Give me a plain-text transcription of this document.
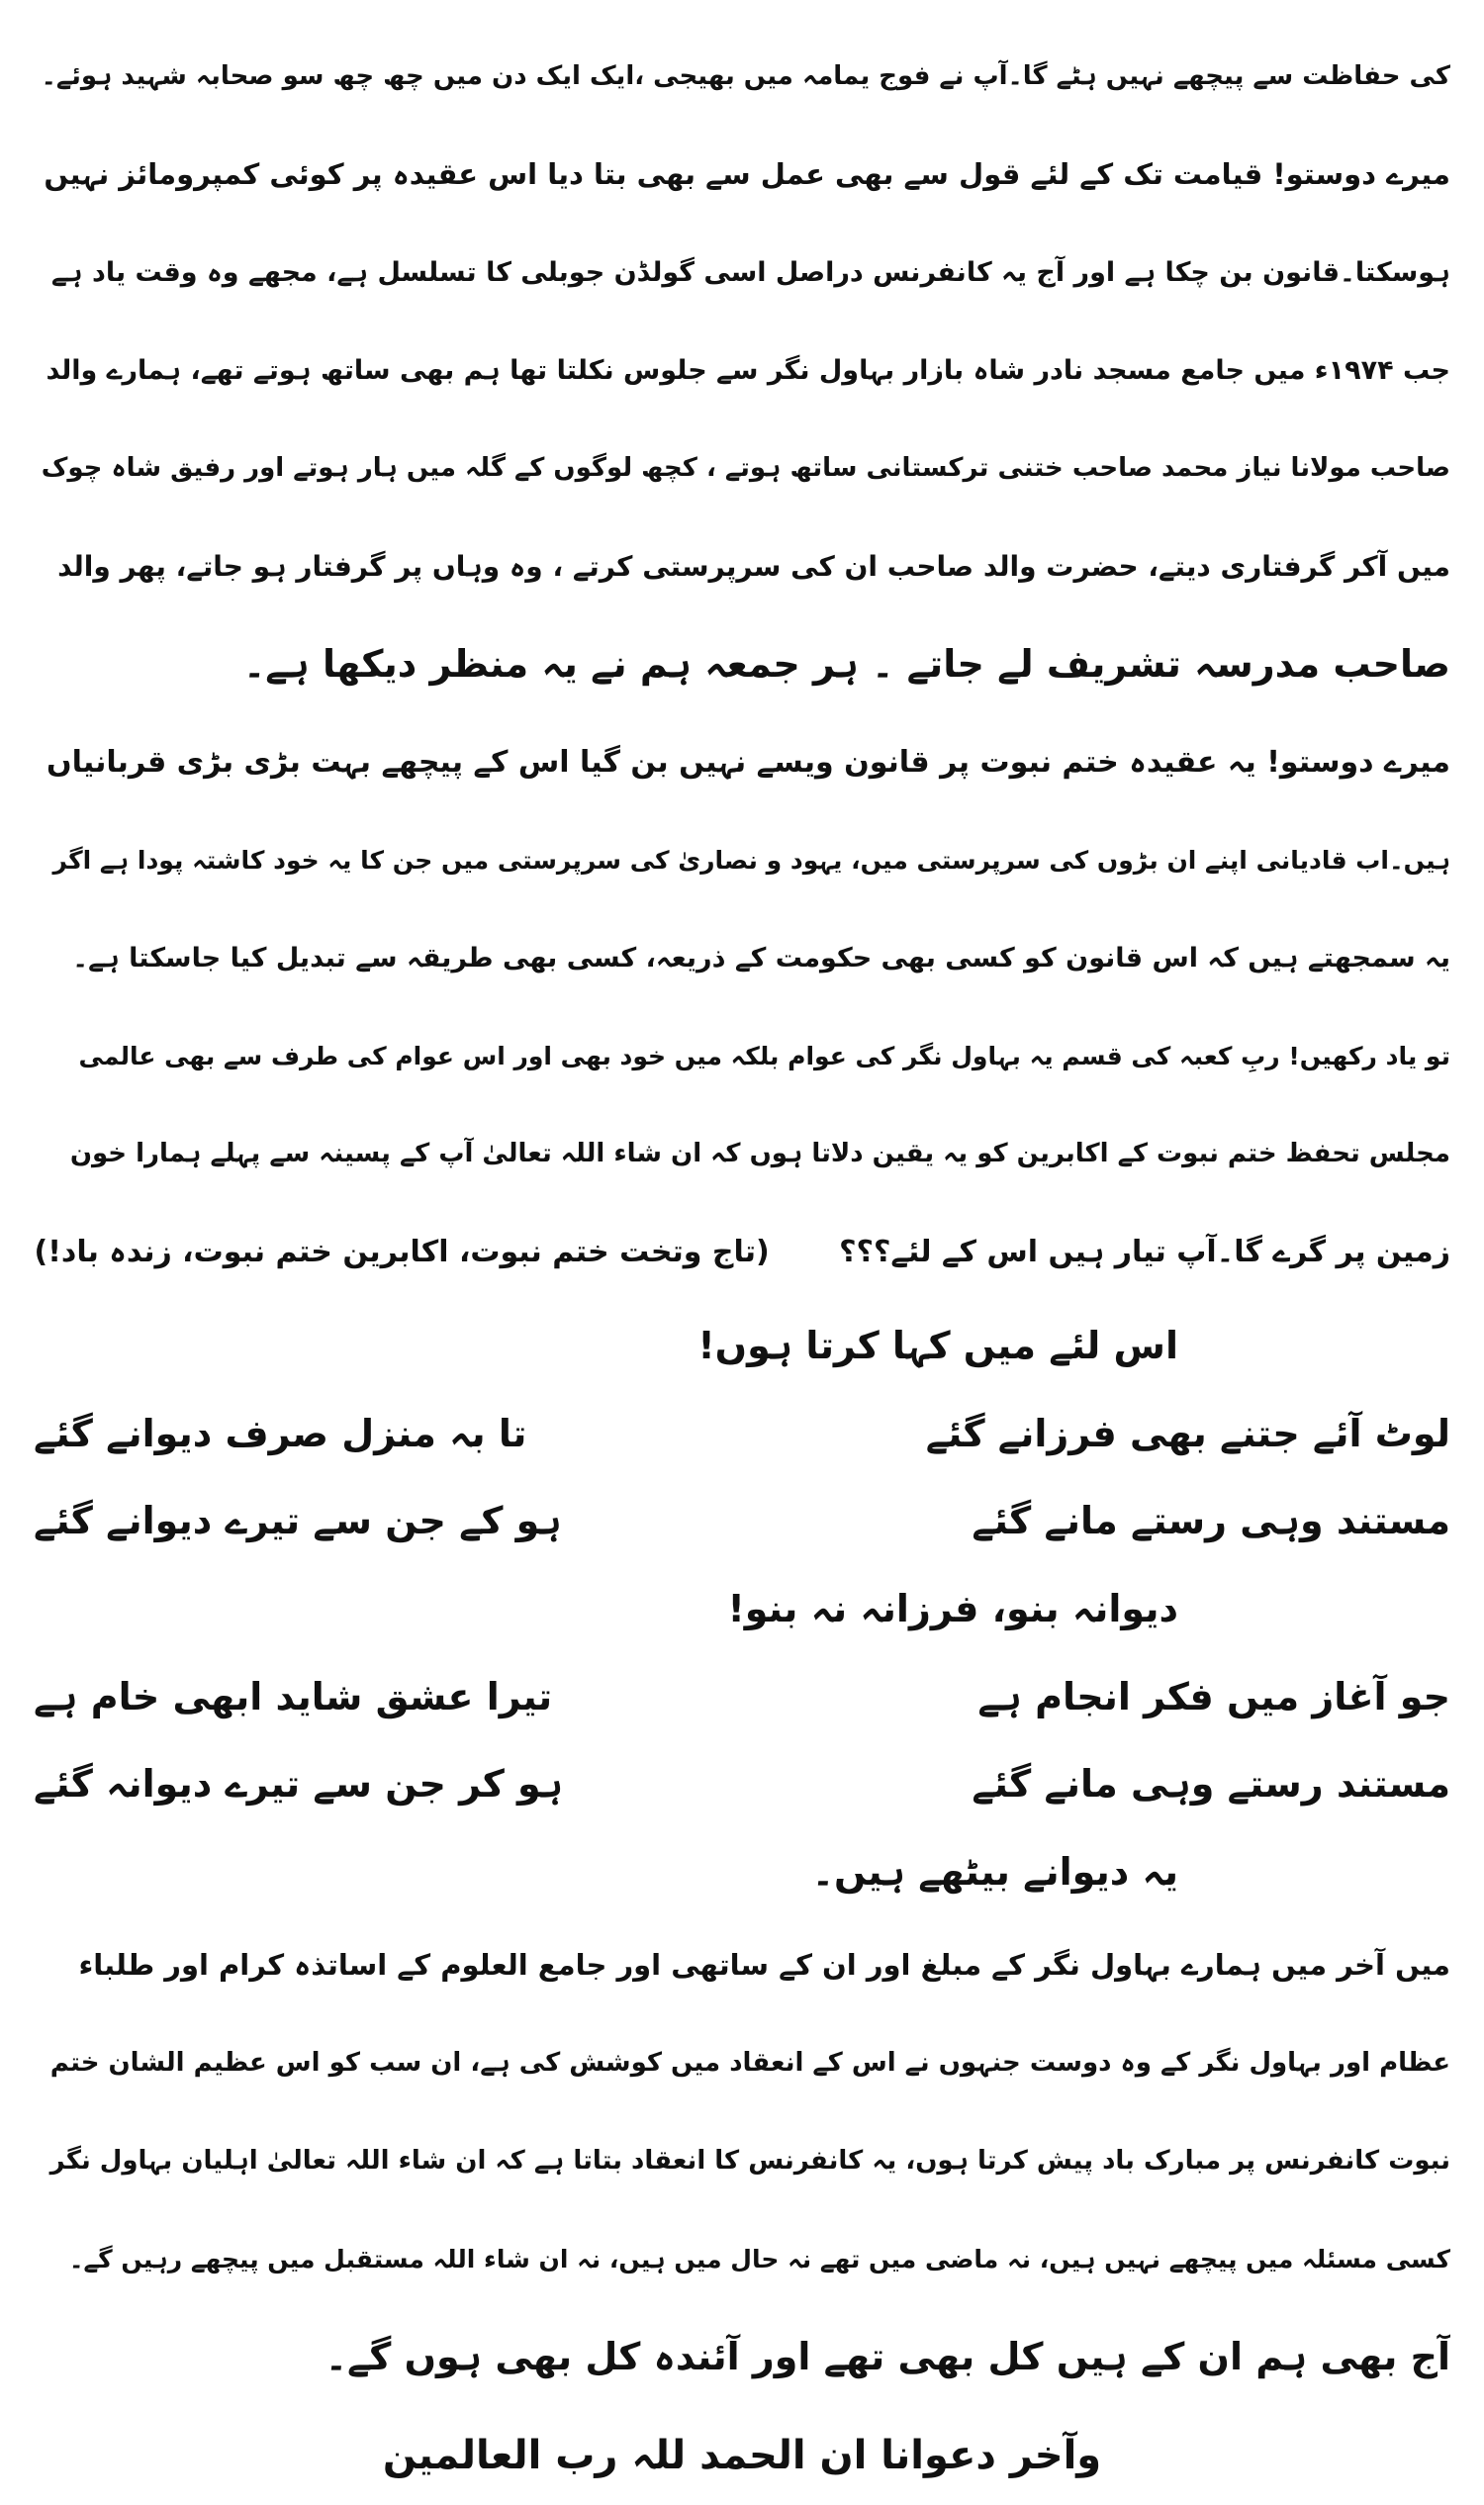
کی حفاظت سے پیچھے نہیں ہٹے گا۔آپ نے فوج یمامہ میں بھیجی ،ایک ایک دن میں چھ چھ سو صحابہ شہید ہوئے۔
میرے دوستو! قیامت تک کے لئے قول سے بھی عمل سے بھی بتا دیا اس عقیدہ پر کوئی کمپرومائز نہیں
ہوسکتا۔قانون بن چکا ہے اور آج یہ کانفرنس دراصل اسی گولڈن جوبلی کا تسلسل ہے، مجھے وہ وقت یاد ہے
جب ۱۹۷۴ء میں جامع مسجد نادر شاہ بازار بہاول نگر سے جلوس نکلتا تھا ہم بھی ساتھ ہوتے تھے، ہمارے والد
صاحب مولانا نیاز محمد صاحب ختنی ترکستانی ساتھ ہوتے ، کچھ لوگوں کے گلہ میں ہار ہوتے اور رفیق شاہ چوک
میں آکر گرفتاری دیتے، حضرت والد صاحب ان کی سرپرستی کرتے ، وہ وہاں پر گرفتار ہو جاتے، پھر والد
صاحب مدرسہ تشریف لے جاتے ۔ ہر جمعہ ہم نے یہ منظر دیکھا ہے۔
میرے دوستو! یہ عقیدہ ختم نبوت پر قانون ویسے نہیں بن گیا اس کے پیچھے بہت بڑی بڑی قربانیاں
ہیں۔اب قادیانی اپنے ان بڑوں کی سرپرستی میں، یہود و نصاریٰ کی سرپرستی میں جن کا یہ خود کاشتہ پودا ہے اگر
یہ سمجھتے ہیں کہ اس قانون کو کسی بھی حکومت کے ذریعہ، کسی بھی طریقہ سے تبدیل کیا جاسکتا ہے۔
تو یاد رکھیں! ربِ کعبہ کی قسم یہ بہاول نگر کی عوام بلکہ میں خود بھی اور اس عوام کی طرف سے بھی عالمی
مجلس تحفظ ختم نبوت کے اکابرین کو یہ یقین دلاتا ہوں کہ ان شاء اللہ تعالیٰ آپ کے پسینہ سے پہلے ہمارا خون
زمین پر گرے گا۔آپ تیار ہیں اس کے لئے؟؟؟ (تاج وتخت ختم نبوت، اکابرین ختم نبوت، زندہ باد!)
اس لئے میں کہا کرتا ہوں!
لوٹ آئے جتنے بھی فرزانے گئے
تا بہ منزل صرف دیوانے گئے
مستند وہی رستے مانے گئے
ہو کے جن سے تیرے دیوانے گئے
دیوانہ بنو، فرزانہ نہ بنو!
جو آغاز میں فکر انجام ہے
تیرا عشق شاید ابھی خام ہے
مستند رستے وہی مانے گئے
ہو کر جن سے تیرے دیوانہ گئے
یہ دیوانے بیٹھے ہیں۔
میں آخر میں ہمارے بہاول نگر کے مبلغ اور ان کے ساتھی اور جامع العلوم کے اساتذہ کرام اور طلباء
عظام اور بہاول نگر کے وہ دوست جنہوں نے اس کے انعقاد میں کوشش کی ہے، ان سب کو اس عظیم الشان ختم
نبوت کانفرنس پر مبارک باد پیش کرتا ہوں، یہ کانفرنس کا انعقاد بتاتا ہے کہ ان شاء اللہ تعالیٰ اہلیان بہاول نگر
کسی مسئلہ میں پیچھے نہیں ہیں، نہ ماضی میں تھے نہ حال میں ہیں، نہ ان شاء اللہ مستقبل میں پیچھے رہیں گے۔
آج بھی ہم ان کے ہیں کل بھی تھے اور آئندہ کل بھی ہوں گے۔
وآخر دعوانا ان الحمد للہ رب العالمین
